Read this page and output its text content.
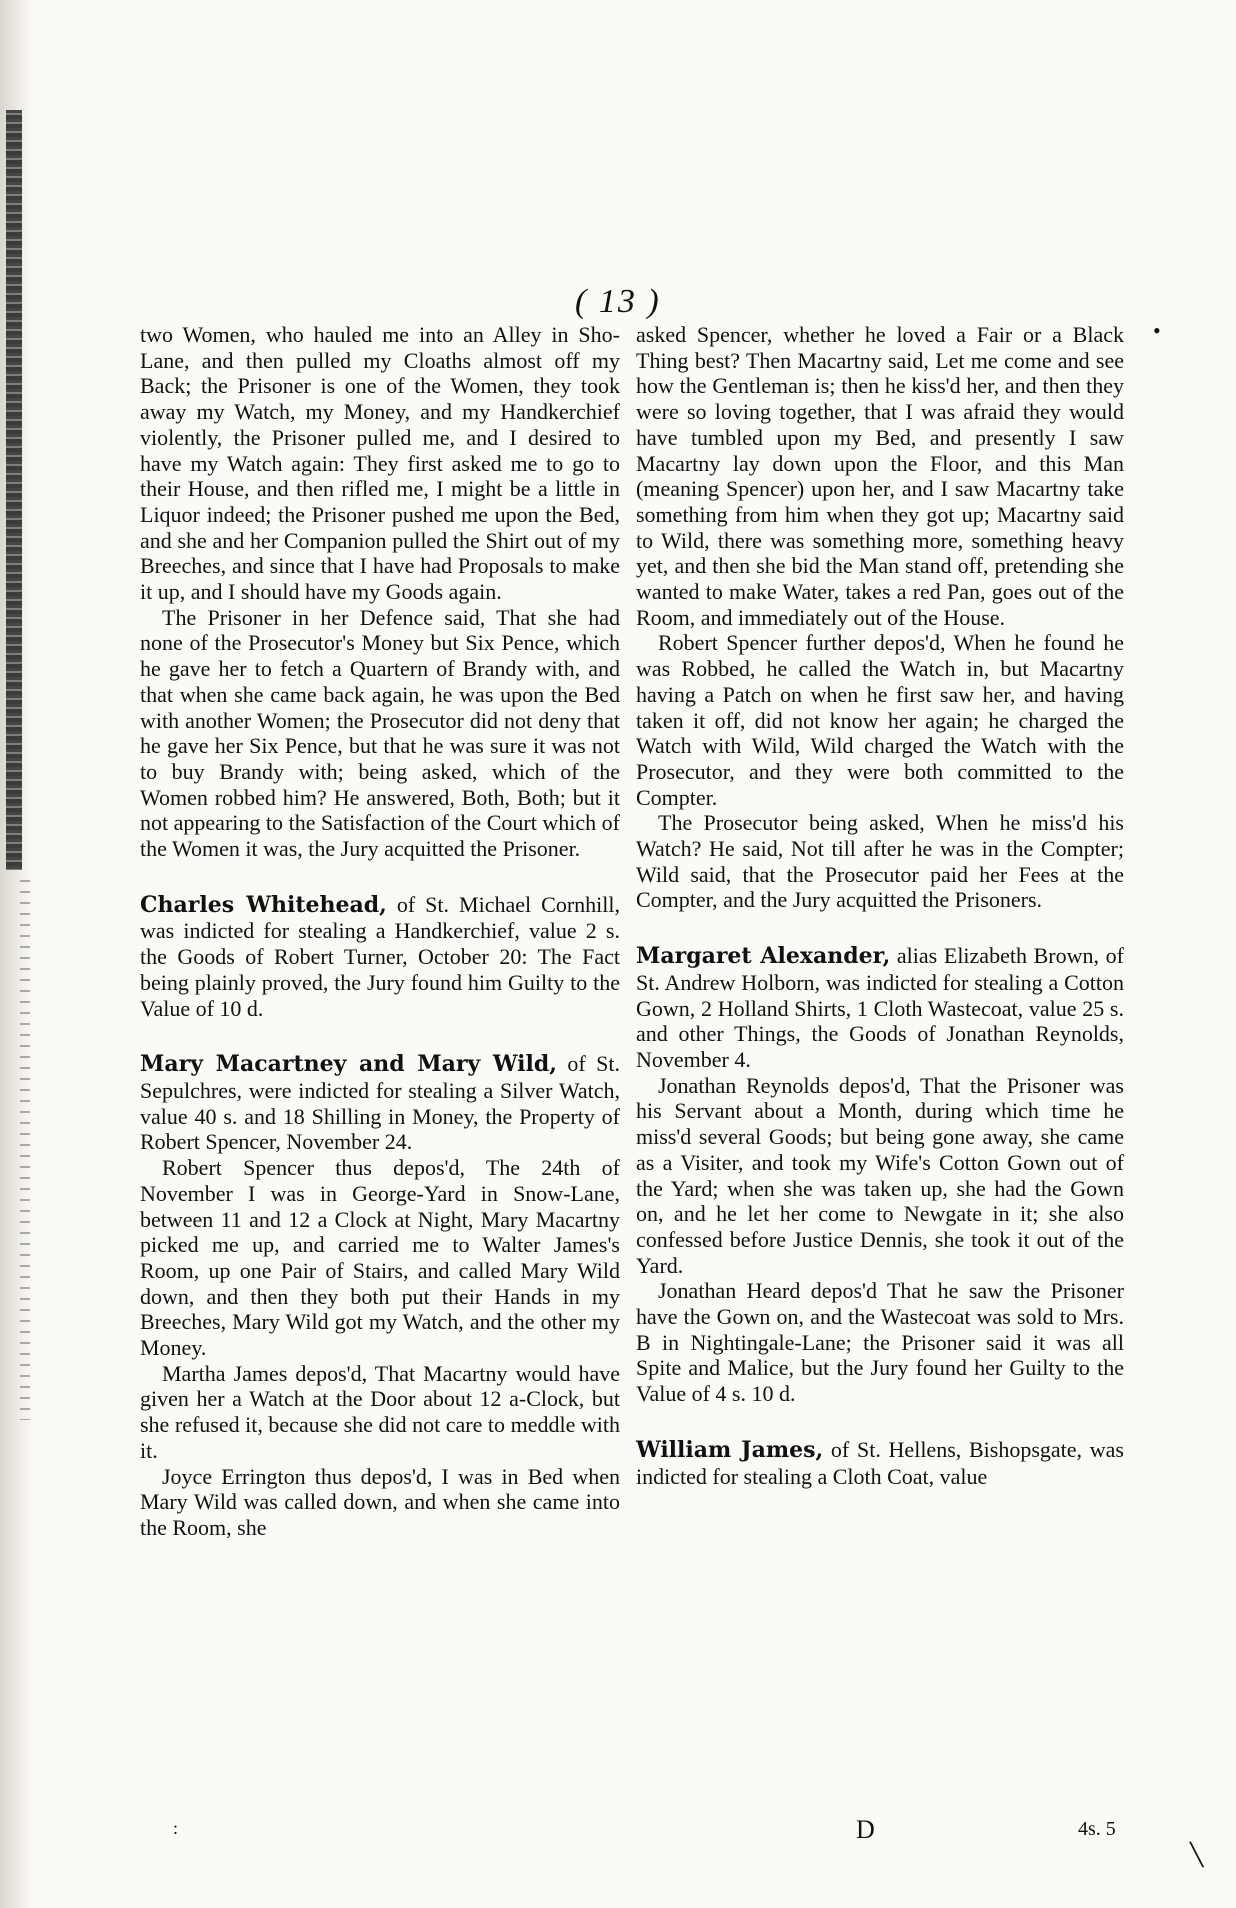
( 13 )
•

two Women, who hauled me into an Alley in Sho-Lane, and then pulled my Cloaths almost off my Back; the Prisoner is one of the Women, they took away my Watch, my Money, and my Handkerchief violently, the Prisoner pulled me, and I desired to have my Watch again: They first asked me to go to their House, and then rifled me, I might be a little in Liquor indeed; the Prisoner pushed me upon the Bed, and she and her Companion pulled the Shirt out of my Breeches, and since that I have had Proposals to make it up, and I should have my Goods again.

The Prisoner in her Defence said, That she had none of the Prosecutor's Money but Six Pence, which he gave her to fetch a Quartern of Brandy with, and that when she came back again, he was upon the Bed with another Women; the Prosecutor did not deny that he gave her Six Pence, but that he was sure it was not to buy Brandy with; being asked, which of the Women robbed him? He answered, Both, Both; but it not appearing to the Satisfaction of the Court which of the Women it was, the Jury acquitted the Prisoner.

Charles Whitehead, of St. Michael Cornhill, was indicted for stealing a Handkerchief, value 2 s. the Goods of Robert Turner, October 20: The Fact being plainly proved, the Jury found him Guilty to the Value of 10 d.

Mary Macartney and Mary Wild, of St. Sepulchres, were indicted for stealing a Silver Watch, value 40 s. and 18 Shilling in Money, the Property of Robert Spencer, November 24.

Robert Spencer thus depos'd, The 24th of November I was in George-Yard in Snow-Lane, between 11 and 12 a Clock at Night, Mary Macartny picked me up, and carried me to Walter James's Room, up one Pair of Stairs, and called Mary Wild down, and then they both put their Hands in my Breeches, Mary Wild got my Watch, and the other my Money.

Martha James depos'd, That Macartny would have given her a Watch at the Door about 12 a-Clock, but she refused it, because she did not care to meddle with it.

Joyce Errington thus depos'd, I was in Bed when Mary Wild was called down, and when she came into the Room, she

asked Spencer, whether he loved a Fair or a Black Thing best? Then Macartny said, Let me come and see how the Gentleman is; then he kiss'd her, and then they were so loving together, that I was afraid they would have tumbled upon my Bed, and presently I saw Macartny lay down upon the Floor, and this Man (meaning Spencer) upon her, and I saw Macartny take something from him when they got up; Macartny said to Wild, there was something more, something heavy yet, and then she bid the Man stand off, pretending she wanted to make Water, takes a red Pan, goes out of the Room, and immediately out of the House.

Robert Spencer further depos'd, When he found he was Robbed, he called the Watch in, but Macartny having a Patch on when he first saw her, and having taken it off, did not know her again; he charged the Watch with Wild, Wild charged the Watch with the Prosecutor, and they were both committed to the Compter.

The Prosecutor being asked, When he miss'd his Watch? He said, Not till after he was in the Compter; Wild said, that the Prosecutor paid her Fees at the Compter, and the Jury acquitted the Prisoners.

Margaret Alexander, alias Elizabeth Brown, of St. Andrew Holborn, was indicted for stealing a Cotton Gown, 2 Holland Shirts, 1 Cloth Wastecoat, value 25 s. and other Things, the Goods of Jonathan Reynolds, November 4.

Jonathan Reynolds depos'd, That the Prisoner was his Servant about a Month, during which time he miss'd several Goods; but being gone away, she came as a Visiter, and took my Wife's Cotton Gown out of the Yard; when she was taken up, she had the Gown on, and he let her come to Newgate in it; she also confessed before Justice Dennis, she took it out of the Yard.

Jonathan Heard depos'd That he saw the Prisoner have the Gown on, and the Wastecoat was sold to Mrs. B in Nightingale-Lane; the Prisoner said it was all Spite and Malice, but the Jury found her Guilty to the Value of 4 s. 10 d.

William James, of St. Hellens, Bishopsgate, was indicted for stealing a Cloth Coat, value

:	D	4s. 5
╲
